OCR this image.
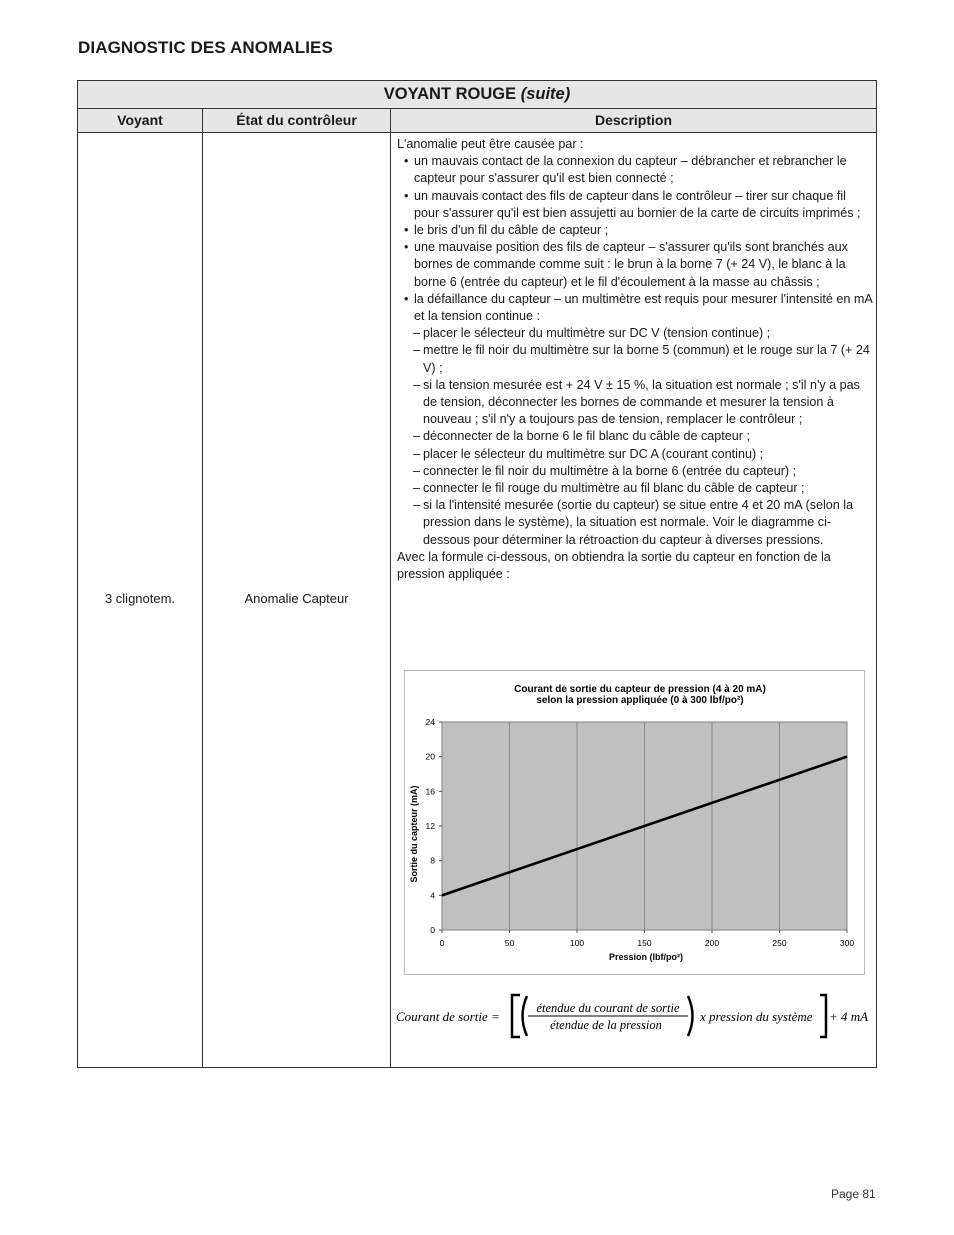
DIAGNOSTIC DES ANOMALIES
VOYANT ROUGE (suite)
Voyant	État du contrôleur	Description
3 clignotem.	Anomalie Capteur

L'anomalie peut être causée par :

• un mauvais contact de la connexion du capteur – débrancher et rebrancher le capteur pour s'assurer qu'il est bien connecté ;
• un mauvais contact des fils de capteur dans le contrôleur – tirer sur chaque fil pour s'assurer qu'il est bien assujetti au bornier de la carte de circuits imprimés ;
• le bris d'un fil du câble de capteur ;
• une mauvaise position des fils de capteur – s'assurer qu'ils sont branchés aux bornes de commande comme suit : le brun à la borne 7 (+ 24 V), le blanc à la borne 6 (entrée du capteur) et le fil d'écoulement à la masse au châssis ;
• la défaillance du capteur – un multimètre est requis pour mesurer l'intensité en mA et la tension continue :
– placer le sélecteur du multimètre sur DC V (tension continue) ;
– mettre le fil noir du multimètre sur la borne 5 (commun) et le rouge sur la 7 (+ 24 V) ;
– si la tension mesurée est + 24 V ± 15 %, la situation est normale ; s'il n'y a pas de tension, déconnecter les bornes de commande et mesurer la tension à nouveau ; s'il n'y a toujours pas de tension, remplacer le contrôleur ;
– déconnecter de la borne 6 le fil blanc du câble de capteur ;
– placer le sélecteur du multimètre sur DC A (courant continu) ;
– connecter le fil noir du multimètre à la borne 6 (entrée du capteur) ;
– connecter le fil rouge du multimètre au fil blanc du câble de capteur ;
– si la l'intensité mesurée (sortie du capteur) se situe entre 4 et 20 mA (selon la pression dans le système), la situation est normale. Voir le diagramme ci-dessous pour déterminer la rétroaction du capteur à diverses pressions.

Avec la formule ci-dessous, on obtiendra la sortie du capteur en fonction de la pression appliquée :

Courant de sortie du capteur de pression (4 à 20 mA)
selon la pression appliquée (0 à 300 lbf/po²)
0
4
8
12
16
20
24
0	50	100	150	200	250	300
Pression (lbf/po²)
Sortie du capteur (mA)
Courant de sortie =
étendue du courant de sortie
étendue de la pression
x pression du système + 4 mA
Page 81
